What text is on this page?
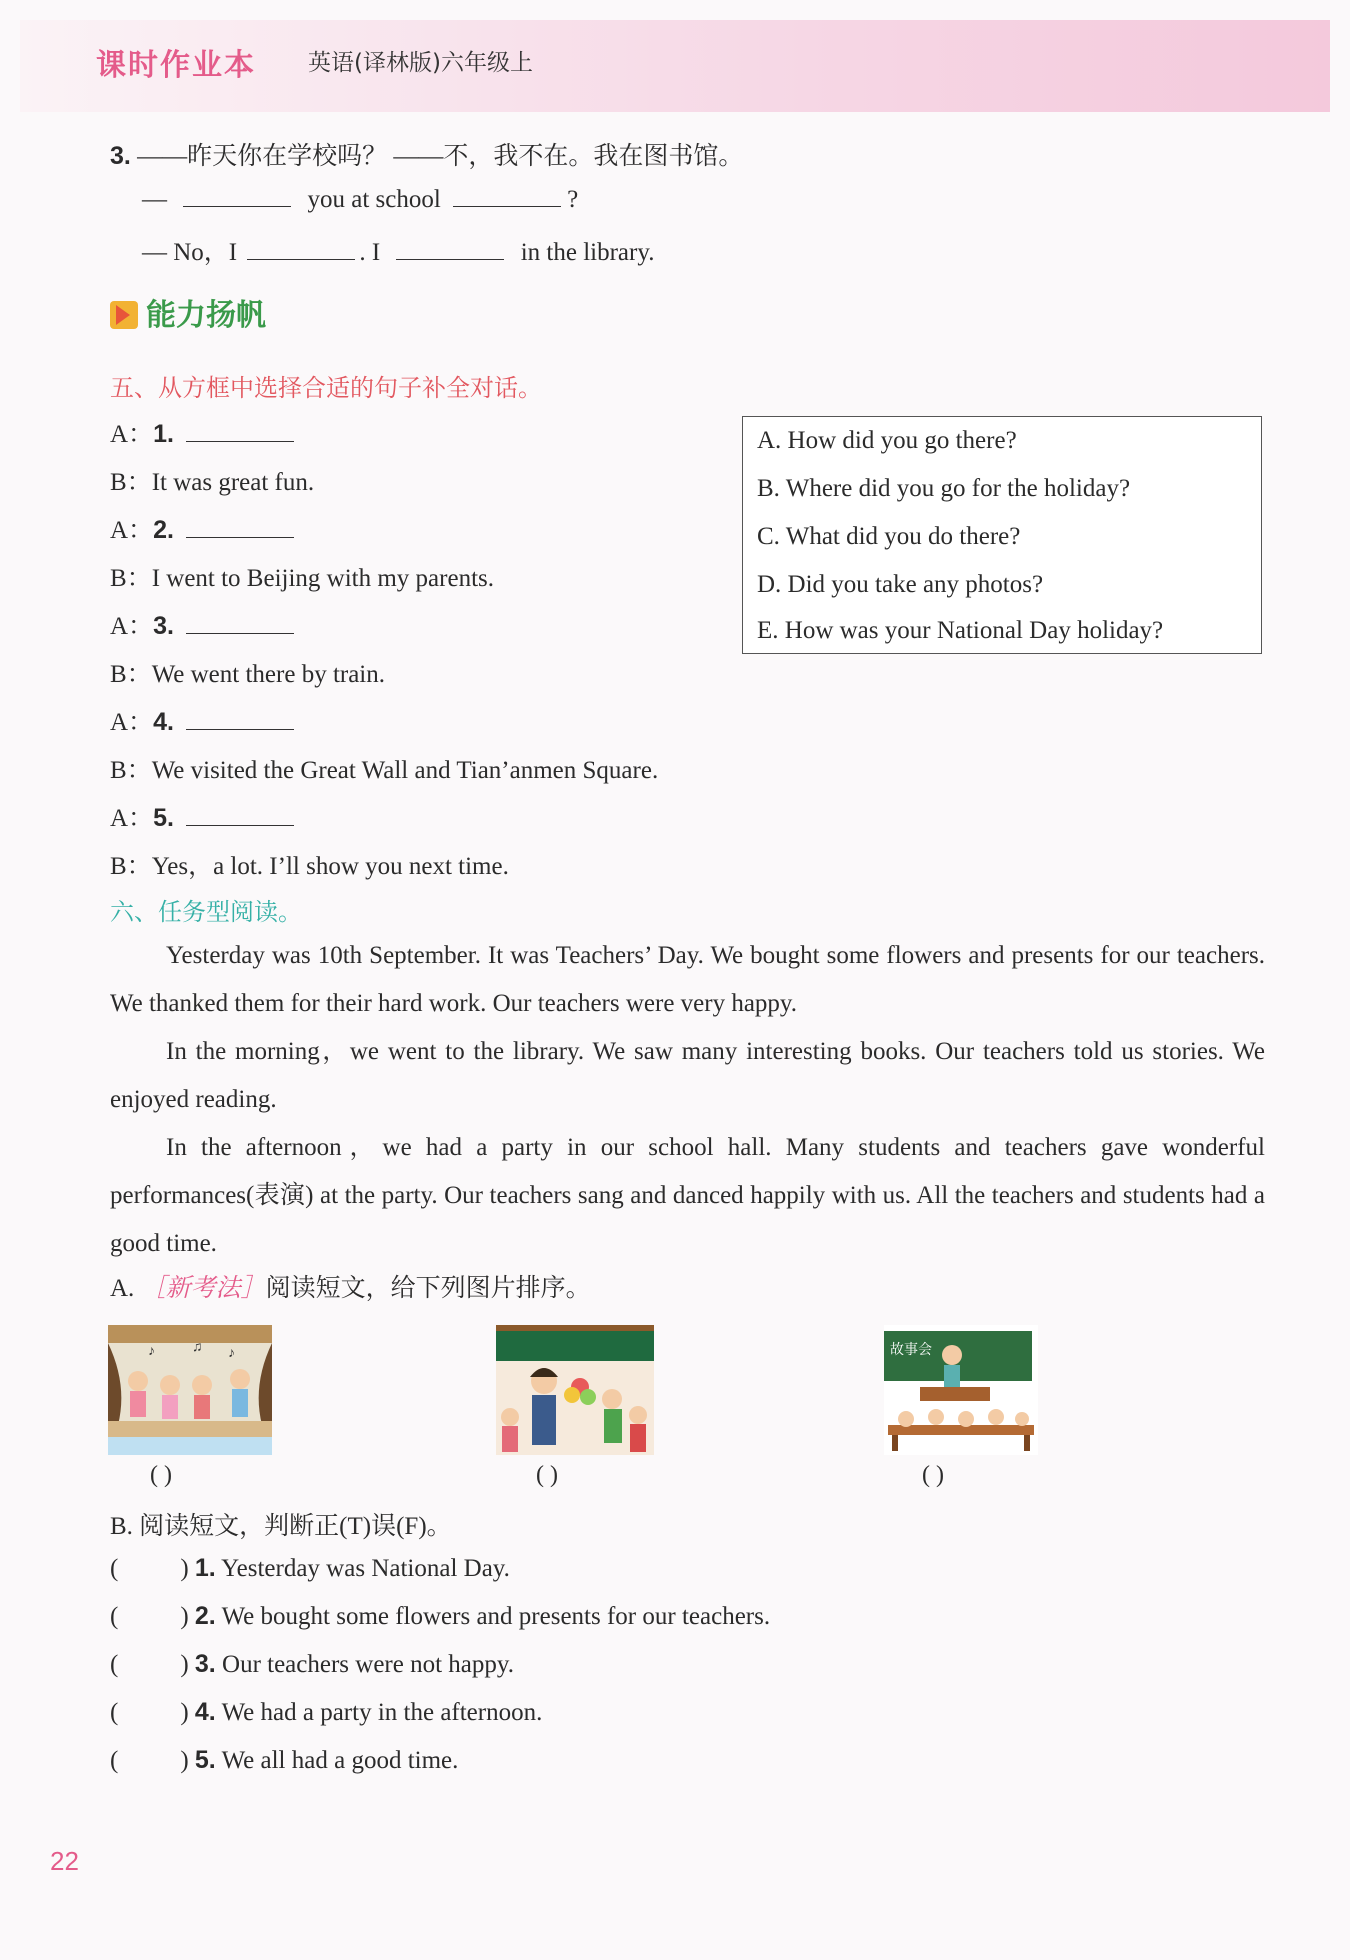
课时作业本 英语(译林版)六年级上
3. ——昨天你在学校吗？ ——不，我不在。我在图书馆。
—	you at school	?
— No，I	. I	in the library.
能力扬帆
五、从方框中选择合适的句子补全对话。
A：1.
B：It was great fun.
A：2.
B：I went to Beijing with my parents.
A：3.
B：We went there by train.
A：4.
B：We visited the Great Wall and Tian’anmen Square.
A：5.
B：Yes，a lot. I’ll show you next time.
A. How did you go there?
B. Where did you go for the holiday?
C. What did you do there?
D. Did you take any photos?
E. How was your National Day holiday?
六、任务型阅读。
Yesterday was 10th September. It was Teachers’ Day. We bought some flowers and presents for our teachers. We thanked them for their hard work. Our teachers were very happy.
In the morning，we went to the library. We saw many interesting books. Our teachers told us stories. We enjoyed reading.
In the afternoon，we had a party in our school hall. Many students and teachers gave wonderful performances(表演) at the party. Our teachers sang and danced happily with us. All the teachers and students had a good time.
A. ［新考法］阅读短文，给下列图片排序。
♪	♫ ♪
( )	( )
故事会
( )
B. 阅读短文，判断正(T)误(F)。
( ) 1. Yesterday was National Day.
( ) 2. We bought some flowers and presents for our teachers.
( ) 3. Our teachers were not happy.
( ) 4. We had a party in the afternoon.
( ) 5. We all had a good time.
22
